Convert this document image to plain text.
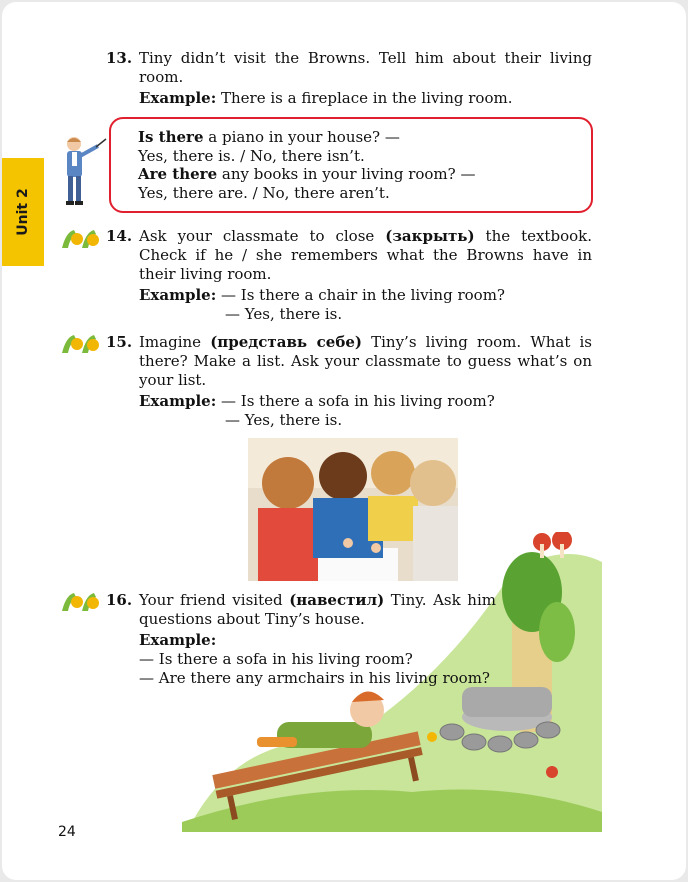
Unit 2
13. Tiny didn’t visit the Browns. Tell him about their living room.
Example: There is a fireplace in the living room.
Is there a piano in your house? —
Yes, there is. / No, there isn’t.
Are there any books in your living room? —
Yes, there are. / No, there aren’t.
14. Ask your classmate to close (закрыть) the textbook. Check if he / she remembers what the Browns have in their living room.
Example: — Is there a chair in the living room?
— Yes, there is.
15. Imagine (представь себе) Tiny’s living room. What is there? Make a list. Ask your classmate to guess what’s on your list.
Example: — Is there a sofa in his living room?
— Yes, there is.
16. Your friend visited (навестил) Tiny. Ask him questions about Tiny’s house.
Example:
— Is there a sofa in his living room?
— Are there any armchairs in his living room?
24
